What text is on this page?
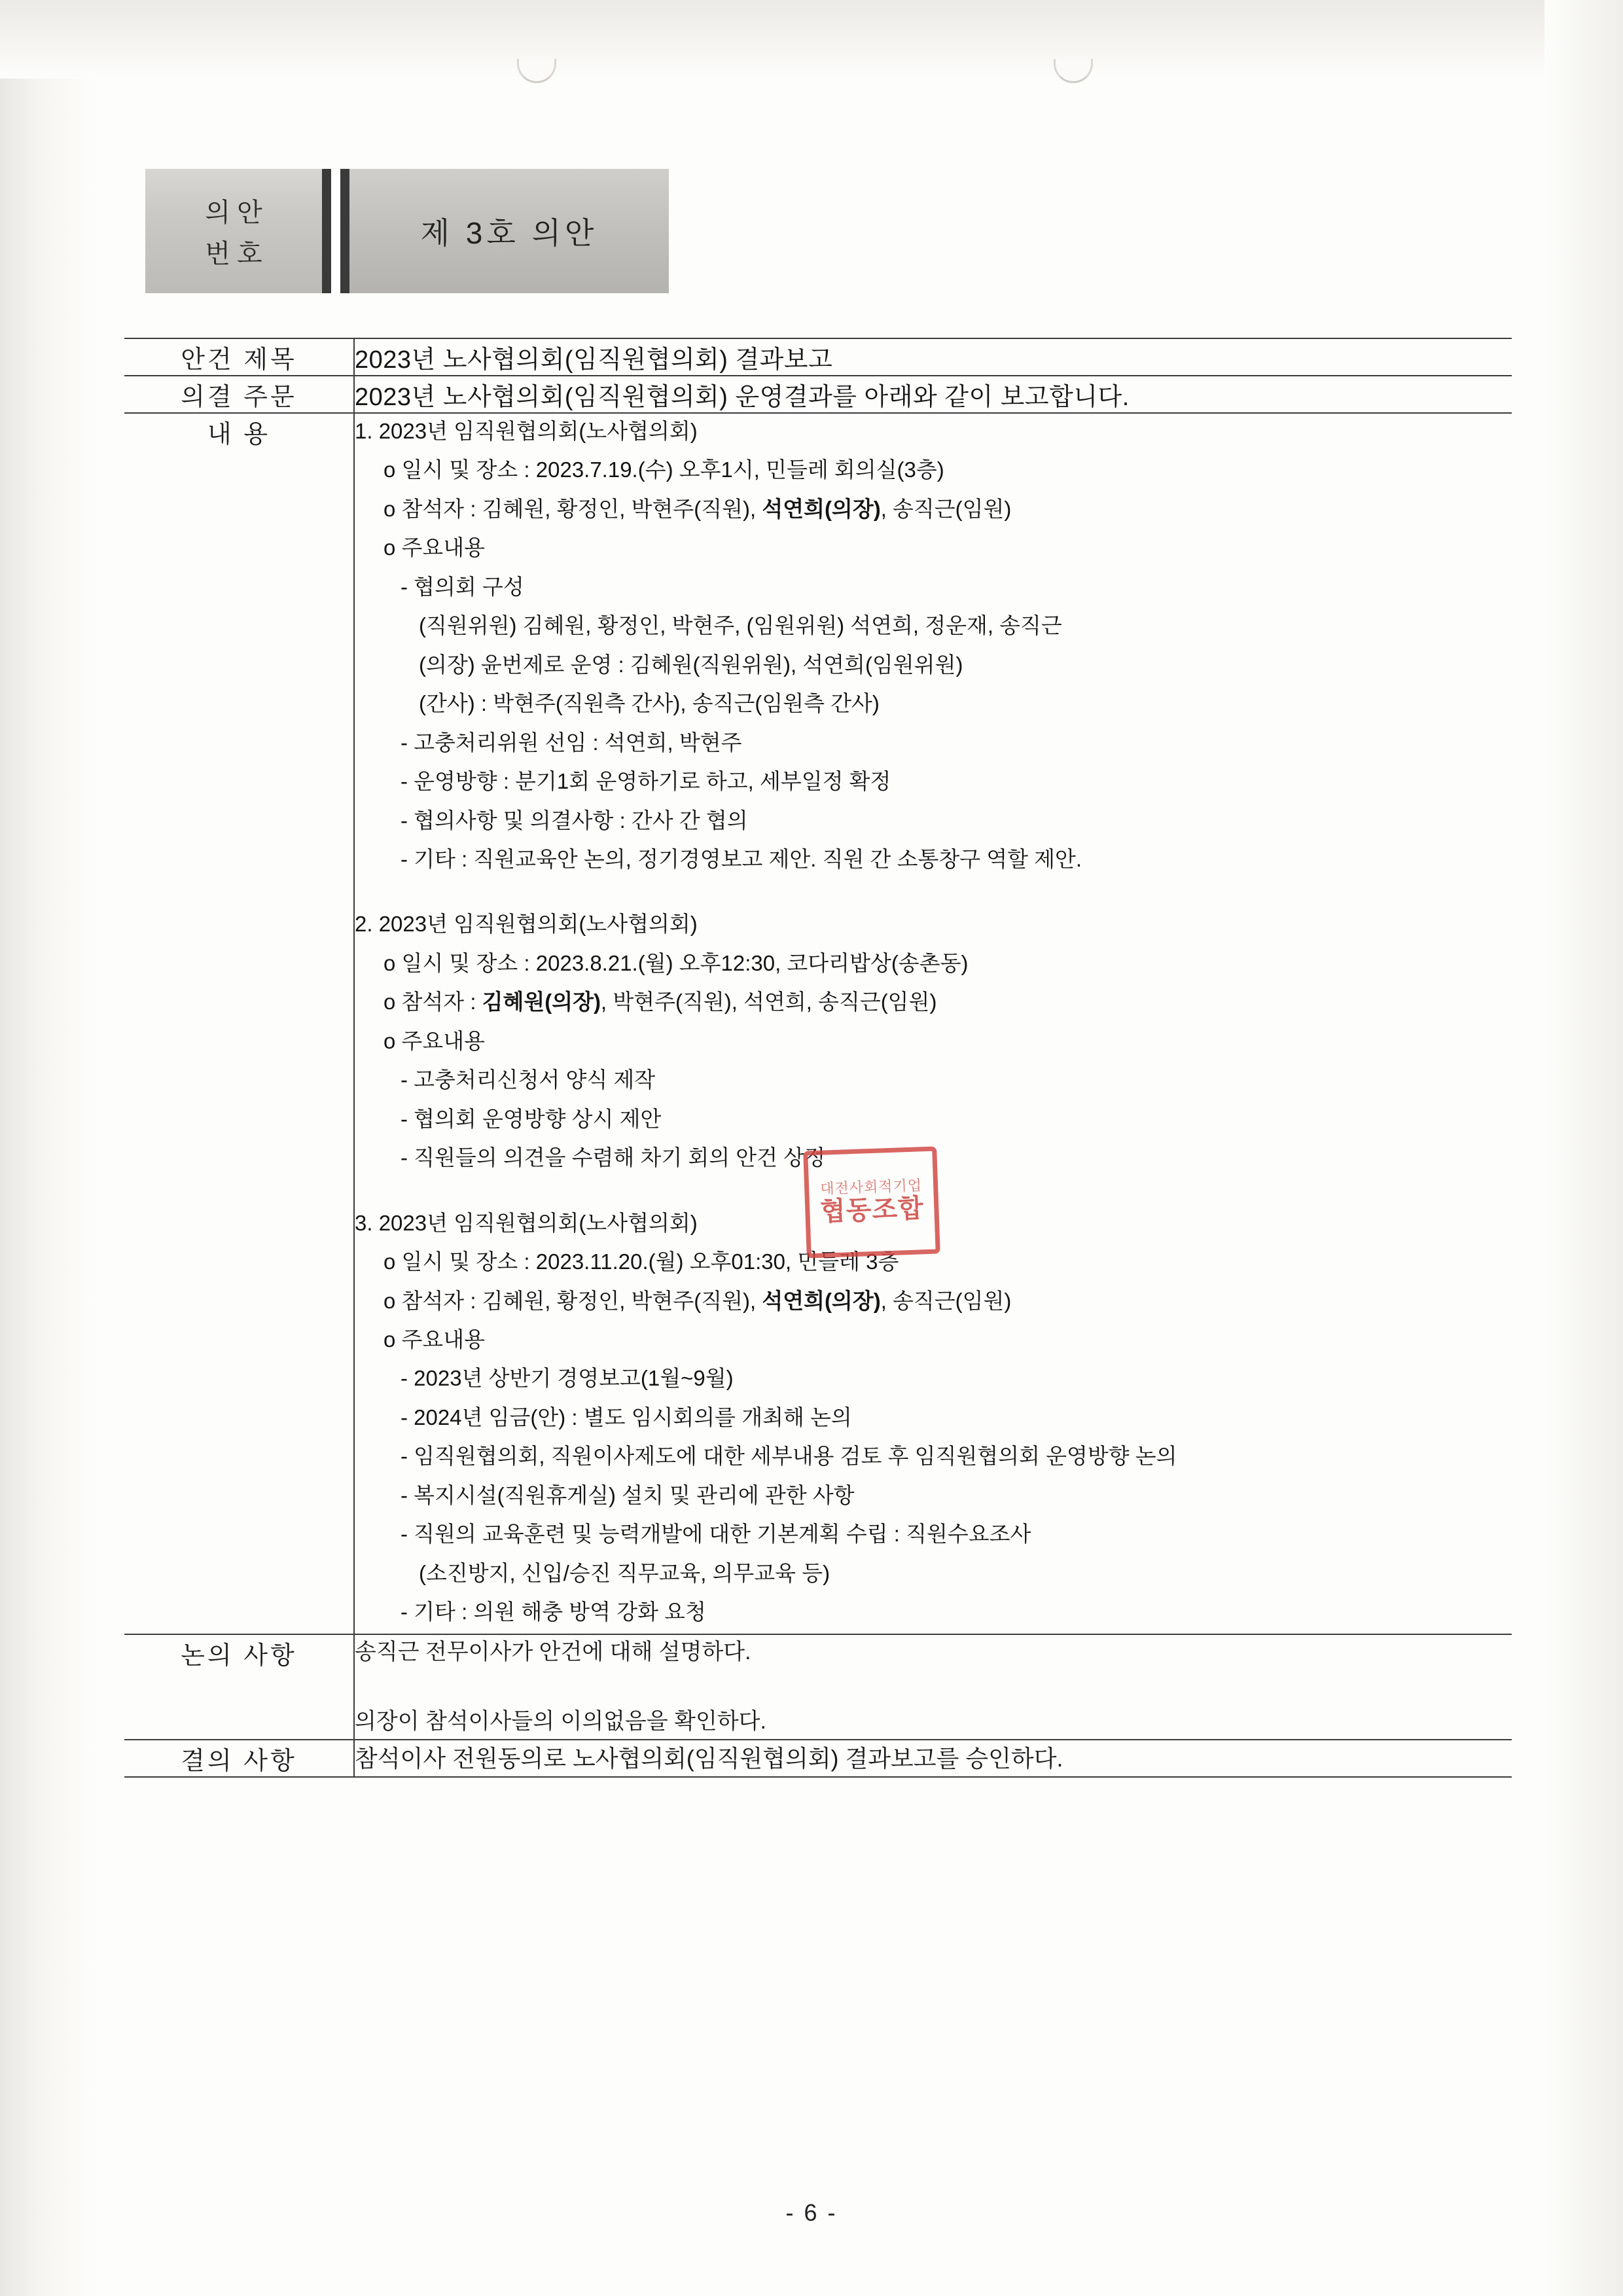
의안
번호
제 3호 의안
안건 제목	2023년 노사협의회(임직원협의회) 결과보고
의결 주문	2023년 노사협의회(임직원협의회) 운영결과를 아래와 같이 보고합니다.
내 용	1. 2023년 임직원협의회(노사협의회)
ο 일시 및 장소 : 2023.7.19.(수) 오후1시, 민들레 회의실(3층)
ο 참석자 : 김혜원, 황정인, 박현주(직원), 석연희(의장), 송직근(임원)
ο 주요내용
- 협의회 구성
(직원위원) 김혜원, 황정인, 박현주, (임원위원) 석연희, 정운재, 송직근
(의장) 윤번제로 운영 : 김혜원(직원위원), 석연희(임원위원)
(간사) : 박현주(직원측 간사), 송직근(임원측 간사)
- 고충처리위원 선임 : 석연희, 박현주
- 운영방향 : 분기1회 운영하기로 하고, 세부일정 확정
- 협의사항 및 의결사항 : 간사 간 협의
- 기타 : 직원교육안 논의, 정기경영보고 제안. 직원 간 소통창구 역할 제안.
2. 2023년 임직원협의회(노사협의회)
ο 일시 및 장소 : 2023.8.21.(월) 오후12:30, 코다리밥상(송촌동)
ο 참석자 : 김혜원(의장), 박현주(직원), 석연희, 송직근(임원)
ο 주요내용
- 고충처리신청서 양식 제작
- 협의회 운영방향 상시 제안
- 직원들의 의견을 수렴해 차기 회의 안건 상정
3. 2023년 임직원협의회(노사협의회)
ο 일시 및 장소 : 2023.11.20.(월) 오후01:30, 민들레 3층
ο 참석자 : 김혜원, 황정인, 박현주(직원), 석연희(의장), 송직근(임원)
ο 주요내용
- 2023년 상반기 경영보고(1월~9월)
- 2024년 임금(안) : 별도 임시회의를 개최해 논의
- 임직원협의회, 직원이사제도에 대한 세부내용 검토 후 임직원협의회 운영방향 논의
- 복지시설(직원휴게실) 설치 및 관리에 관한 사항
- 직원의 교육훈련 및 능력개발에 대한 기본계획 수립 : 직원수요조사
(소진방지, 신입/승진 직무교육, 의무교육 등)
- 기타 : 의원 해충 방역 강화 요청

논의 사항	송직근 전무이사가 안건에 대해 설명하다.

의장이 참석이사들의 이의없음을 확인하다.

결의 사항	참석이사 전원동의로 노사협의회(임직원협의회) 결과보고를 승인하다.
대전사회적기업
협동조합
- 6 -
